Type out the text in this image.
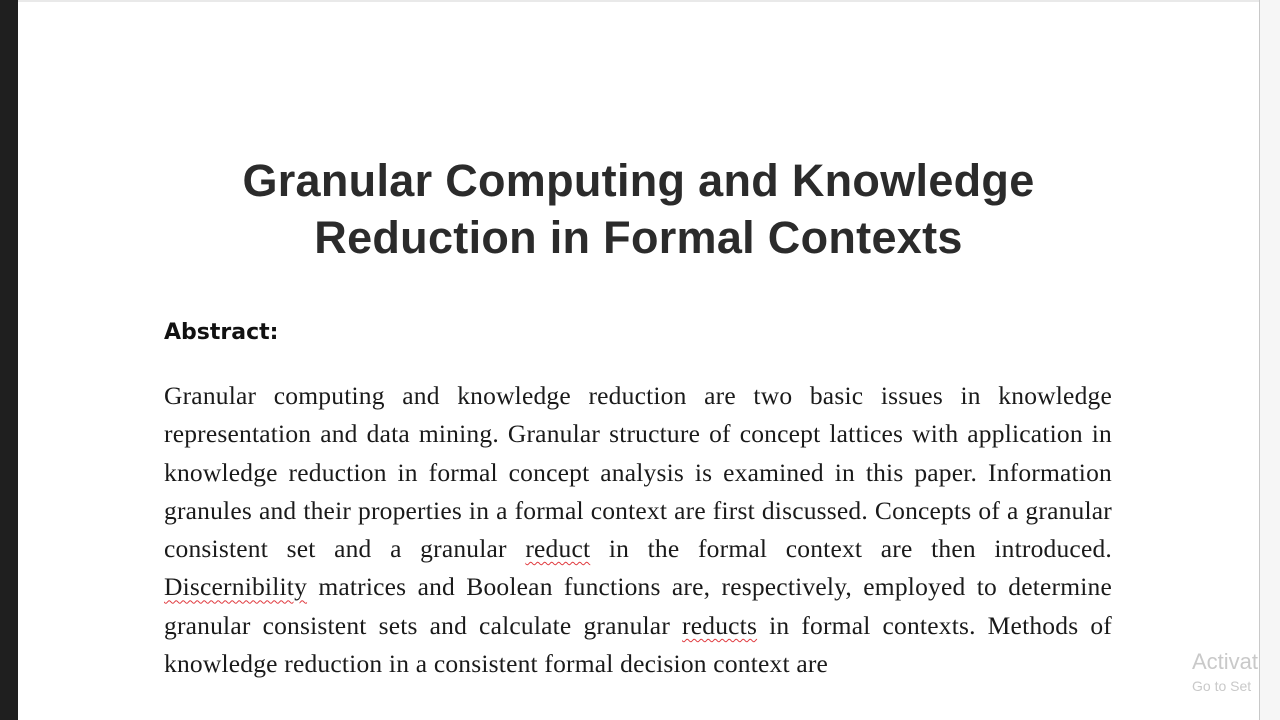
Granular Computing and Knowledge
Reduction in Formal Contexts
Abstract:
Granular computing and knowledge reduction are two basic issues in knowledge representation and data mining. Granular structure of concept lattices with application in knowledge reduction in formal concept analysis is examined in this paper. Information granules and their properties in a formal context are first discussed. Concepts of a granular consistent set and a granular reduct in the formal context are then introduced. Discernibility matrices and Boolean functions are, respectively, employed to determine granular consistent sets and calculate granular reducts in formal contexts. Methods of knowledge reduction in a consistent formal decision context are	Activat
Go to Set
